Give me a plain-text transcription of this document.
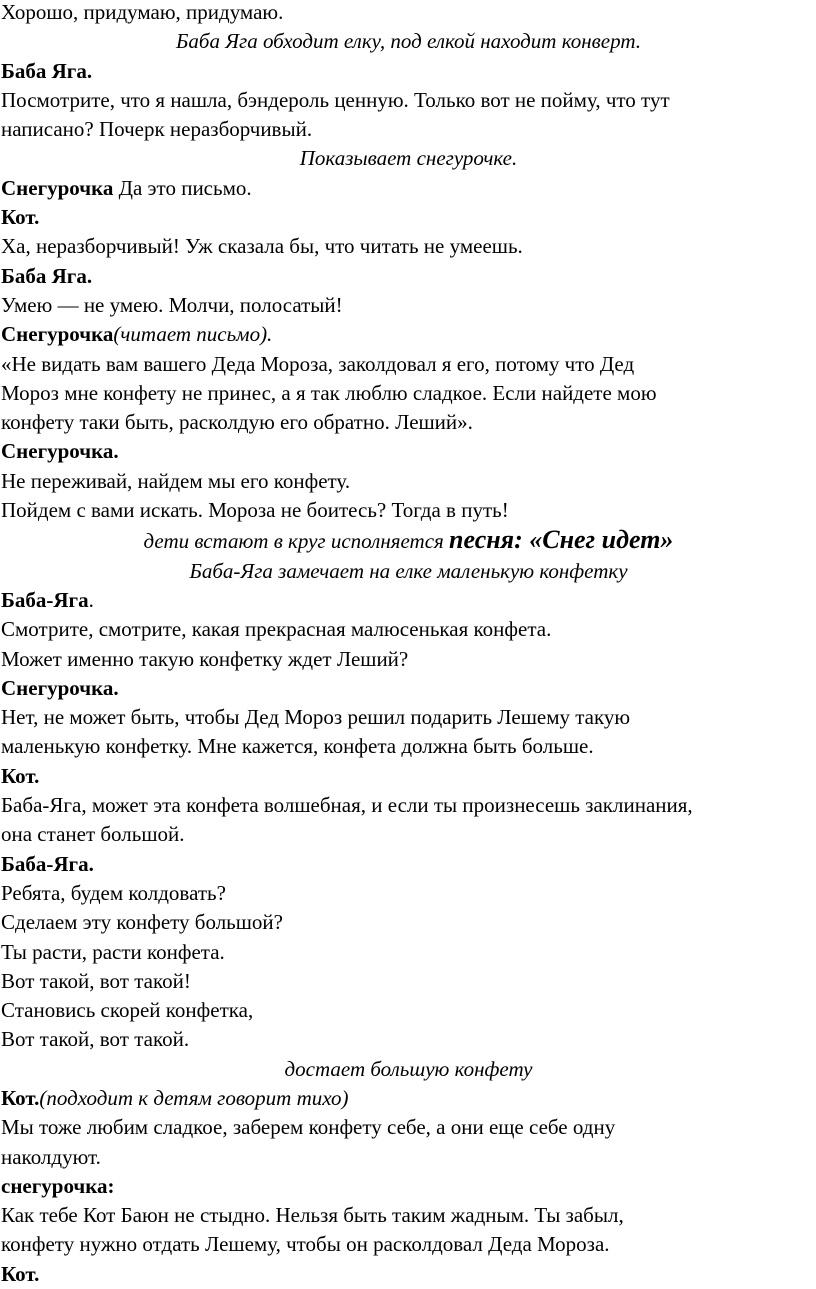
Хорошо, придумаю, придумаю.

Баба Яга обходит елку, под елкой находит конверт.

Баба Яга.

Посмотрите, что я нашла, бэндероль ценную. Только вот не пойму, что тут

написано? Почерк неразборчивый.

Показывает снегурочке.

Снегурочка Да это письмо.

Кот.

Ха, неразборчивый! Уж сказала бы, что читать не умеешь.

Баба Яга.

Умею — не умею. Молчи, полосатый!

Снегурочка(читает письмо).

«Не видать вам вашего Деда Мороза, заколдовал я его, потому что Дед

Мороз мне конфету не принес, а я так люблю сладкое. Если найдете мою

конфету таки быть, расколдую его обратно. Леший».

Снегурочка.

Не переживай, найдем мы его конфету.

Пойдем с вами искать. Мороза не боитесь? Тогда в путь!

дети встают в круг исполняется песня: «Снег идет»

Баба-Яга замечает на елке маленькую конфетку

Баба-Яга.

Смотрите, смотрите, какая прекрасная малюсенькая конфета.

Может именно такую конфетку ждет Леший?

Снегурочка.

Нет, не может быть, чтобы Дед Мороз решил подарить Лешему такую

маленькую конфетку. Мне кажется, конфета должна быть больше.

Кот.

Баба-Яга, может эта конфета волшебная, и если ты произнесешь заклинания,

она станет большой.

Баба-Яга.

Ребята, будем колдовать?

Сделаем эту конфету большой?

Ты расти, расти конфета.

Вот такой, вот такой!

Становись скорей конфетка,

Вот такой, вот такой.

достает большую конфету

Кот.(подходит к детям говорит тихо)

Мы тоже любим сладкое, заберем конфету себе, а они еще себе одну

наколдуют.

снегурочка:

Как тебе Кот Баюн не стыдно. Нельзя быть таким жадным. Ты забыл,

конфету нужно отдать Лешему, чтобы он расколдовал Деда Мороза.

Кот.
